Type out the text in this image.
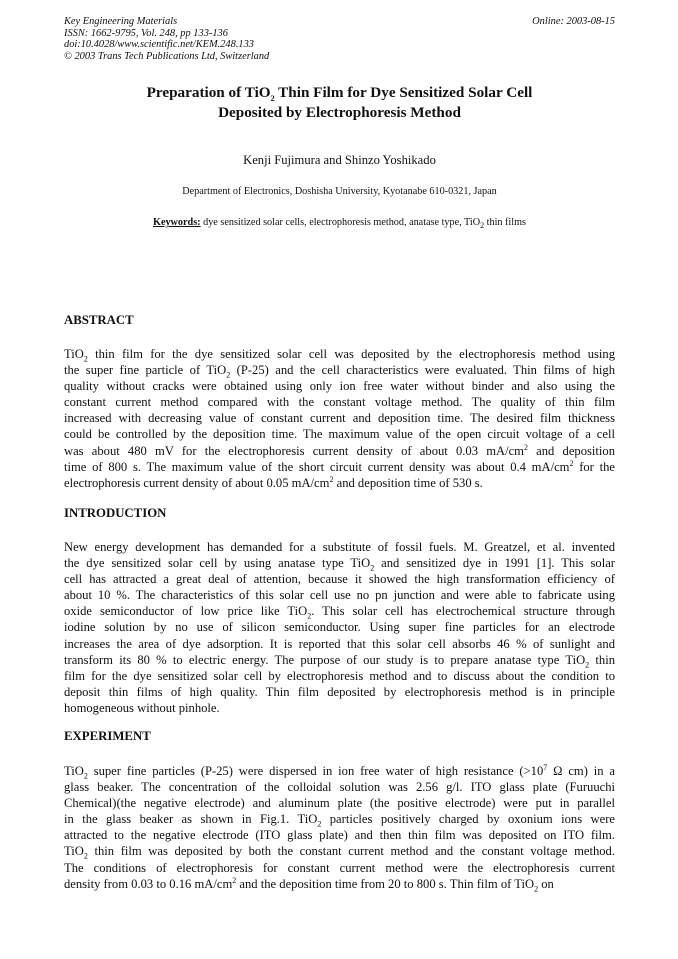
Key Engineering Materials
ISSN: 1662-9795, Vol. 248, pp 133-136
doi:10.4028/www.scientific.net/KEM.248.133
© 2003 Trans Tech Publications Ltd, Switzerland
Online: 2003-08-15
Preparation of TiO$_2$ Thin Film for Dye Sensitized Solar Cell
Deposited by Electrophoresis Method
Kenji Fujimura and Shinzo Yoshikado
Department of Electronics, Doshisha University, Kyotanabe 610-0321, Japan
Keywords: dye sensitized solar cells, electrophoresis method, anatase type, TiO$_2$ thin films
ABSTRACT
TiO$_2$ thin film for the dye sensitized solar cell was deposited by the electrophoresis method using
the super fine particle of TiO$_2$ (P-25) and the cell characteristics were evaluated. Thin films of high
quality without cracks were obtained using only ion free water without binder and also using the
constant current method compared with the constant voltage method. The quality of thin film
increased with decreasing value of constant current and deposition time. The desired film thickness
could be controlled by the deposition time. The maximum value of the open circuit voltage of a cell
was about 480 mV for the electrophoresis current density of about 0.03 $mA/cm^2$ and deposition
time of 800 s. The maximum value of the short circuit current density was about 0.4 $mA/cm^2$ for the
electrophoresis current density of about 0.05 $mA/cm^2$ and deposition time of 530 s.
INTRODUCTION
New energy development has demanded for a substitute of fossil fuels. M. Greatzel, et al. invented
the dye sensitized solar cell by using anatase type TiO$_2$ and sensitized dye in 1991 [1]. This solar
cell has attracted a great deal of attention, because it showed the high transformation efficiency of
about 10 %. The characteristics of this solar cell use no pn junction and were able to fabricate using
oxide semiconductor of low price like TiO$_2$. This solar cell has electrochemical structure through
iodine solution by no use of silicon semiconductor. Using super fine particles for an electrode
increases the area of dye adsorption. It is reported that this solar cell absorbs 46 % of sunlight and
transform its 80 % to electric energy. The purpose of our study is to prepare anatase type TiO$_2$ thin
film for the dye sensitized solar cell by electrophoresis method and to discuss about the condition to
deposit thin films of high quality. Thin film deposited by electrophoresis method is in principle
homogeneous without pinhole.
EXPERIMENT
TiO$_2$ super fine particles (P-25) were dispersed in ion free water of high resistance ($>10^7$ Ω cm) in a
glass beaker. The concentration of the colloidal solution was 2.56 g/l. ITO glass plate (Furuuchi
Chemical)(the negative electrode) and aluminum plate (the positive electrode) were put in parallel
in the glass beaker as shown in Fig.1. TiO$_2$ particles positively charged by oxonium ions were
attracted to the negative electrode (ITO glass plate) and then thin film was deposited on ITO film.
TiO$_2$ thin film was deposited by both the constant current method and the constant voltage method.
The conditions of electrophoresis for constant current method were the electrophoresis current
density from 0.03 to 0.16 $mA/cm^2$ and the deposition time from 20 to 800 s. Thin film of TiO$_2$ on
